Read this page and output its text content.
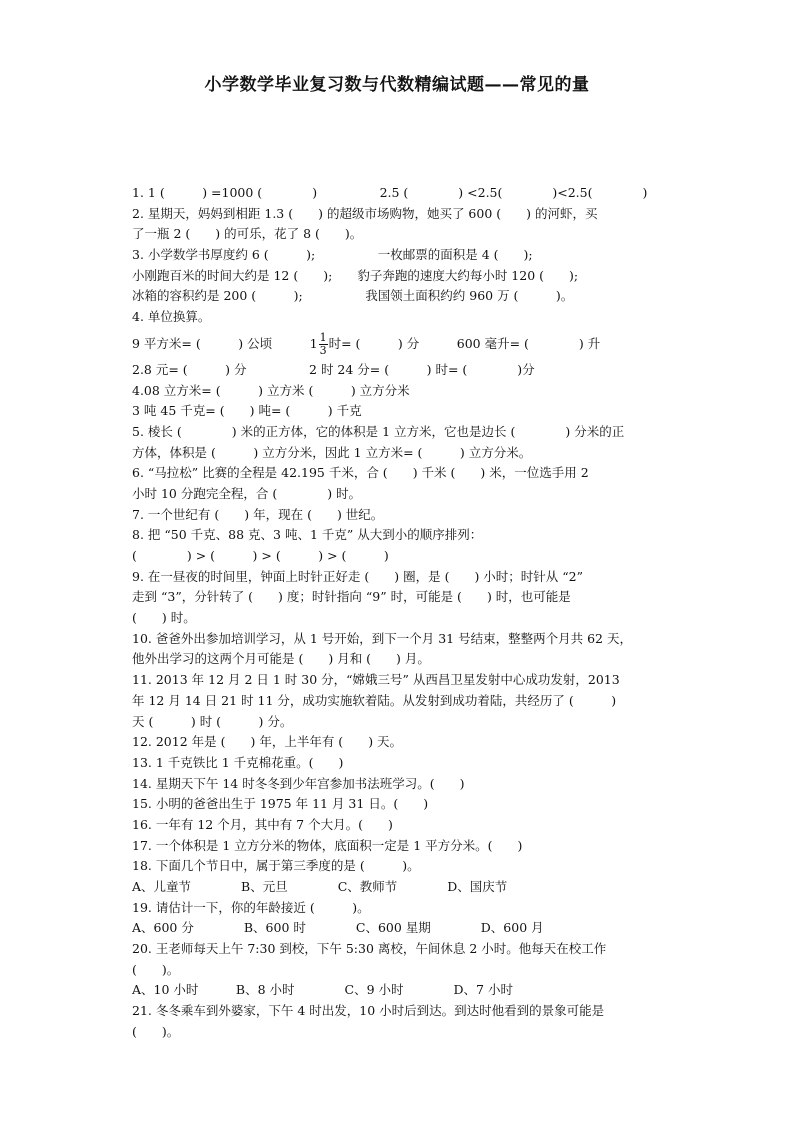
小学数学毕业复习数与代数精编试题——常见的量
1. 1 (　　　) =1000 (　　　　)　　　　　2.5 (　　　　) <2.5(　　　　)<2.5(　　　　)
2. 星期天，妈妈到相距 1.3 (　　) 的超级市场购物，她买了 600 (　　) 的河虾，买
了一瓶 2 (　　) 的可乐，花了 8 (　　)。
3. 小学数学书厚度约 6 (　　　);　　　　　一枚邮票的面积是 4 (　　);
小刚跑百米的时间大约是 12 (　　);　　豹子奔跑的速度大约每小时 120 (　　);
冰箱的容积约是 200 (　　　);　　　　　我国领土面积约约 960 万 (　　　)。
4. 单位换算。
9 平方米= (　　　) 公顷　　　$1 \frac{1}{3}$ 时= (　　　) 分　　　600 毫升= (　　　　) 升
2.8 元= (　　　) 分　　　　　2 时 24 分= (　　　) 时= (　　　　)分
4.08 立方米= (　　　) 立方米 (　　　) 立方分米
3 吨 45 千克= (　　) 吨= (　　　) 千克
5. 棱长 (　　　　) 米的正方体，它的体积是 1 立方米，它也是边长 (　　　　) 分米的正
方体，体积是 (　　　) 立方分米，因此 1 立方米= (　　　) 立方分米。
6. “马拉松” 比赛的全程是 42.195 千米，合 (　　) 千米 (　　) 米，一位选手用 2
小时 10 分跑完全程，合 (　　　　) 时。
7. 一个世纪有 (　　) 年，现在 (　　) 世纪。
8. 把 “50 千克、88 克、3 吨、1 千克” 从大到小的顺序排列：
(　　　　) > (　　　) > (　　　) > (　　　)
9. 在一昼夜的时间里，钟面上时针正好走 (　　) 圈，是 (　　) 小时；时针从 “2”
走到 “3”，分针转了 (　　) 度；时针指向 “9” 时，可能是 (　　) 时，也可能是
(　　) 时。
10. 爸爸外出参加培训学习，从 1 号开始，到下一个月 31 号结束，整整两个月共 62 天，
他外出学习的这两个月可能是 (　　) 月和 (　　) 月。
11. 2013 年 12 月 2 日 1 时 30 分，“嫦娥三号” 从西昌卫星发射中心成功发射，2013
年 12 月 14 日 21 时 11 分，成功实施软着陆。从发射到成功着陆，共经历了 (　　　)
天 (　　　) 时 (　　　) 分。
12. 2012 年是 (　　) 年，上半年有 (　　) 天。
13. 1 千克铁比 1 千克棉花重。(　　)
14. 星期天下午 14 时冬冬到少年宫参加书法班学习。(　　)
15. 小明的爸爸出生于 1975 年 11 月 31 日。(　　)
16. 一年有 12 个月，其中有 7 个大月。(　　)
17. 一个体积是 1 立方分米的物体，底面积一定是 1 平方分米。(　　)
18. 下面几个节日中，属于第三季度的是 (　　　)。
A、儿童节　　　　B、元旦　　　　C、教师节　　　　D、国庆节
19. 请估计一下，你的年龄接近 (　　　)。
A、600 分　　　　B、600 时　　　　C、600 星期　　　　D、600 月
20. 王老师每天上午 7:30 到校，下午 5:30 离校，午间休息 2 小时。他每天在校工作
(　　)。
A、10 小时　　　B、8 小时　　　　C、9 小时　　　　D、7 小时
21. 冬冬乘车到外婆家，下午 4 时出发，10 小时后到达。到达时他看到的景象可能是
(　　)。
